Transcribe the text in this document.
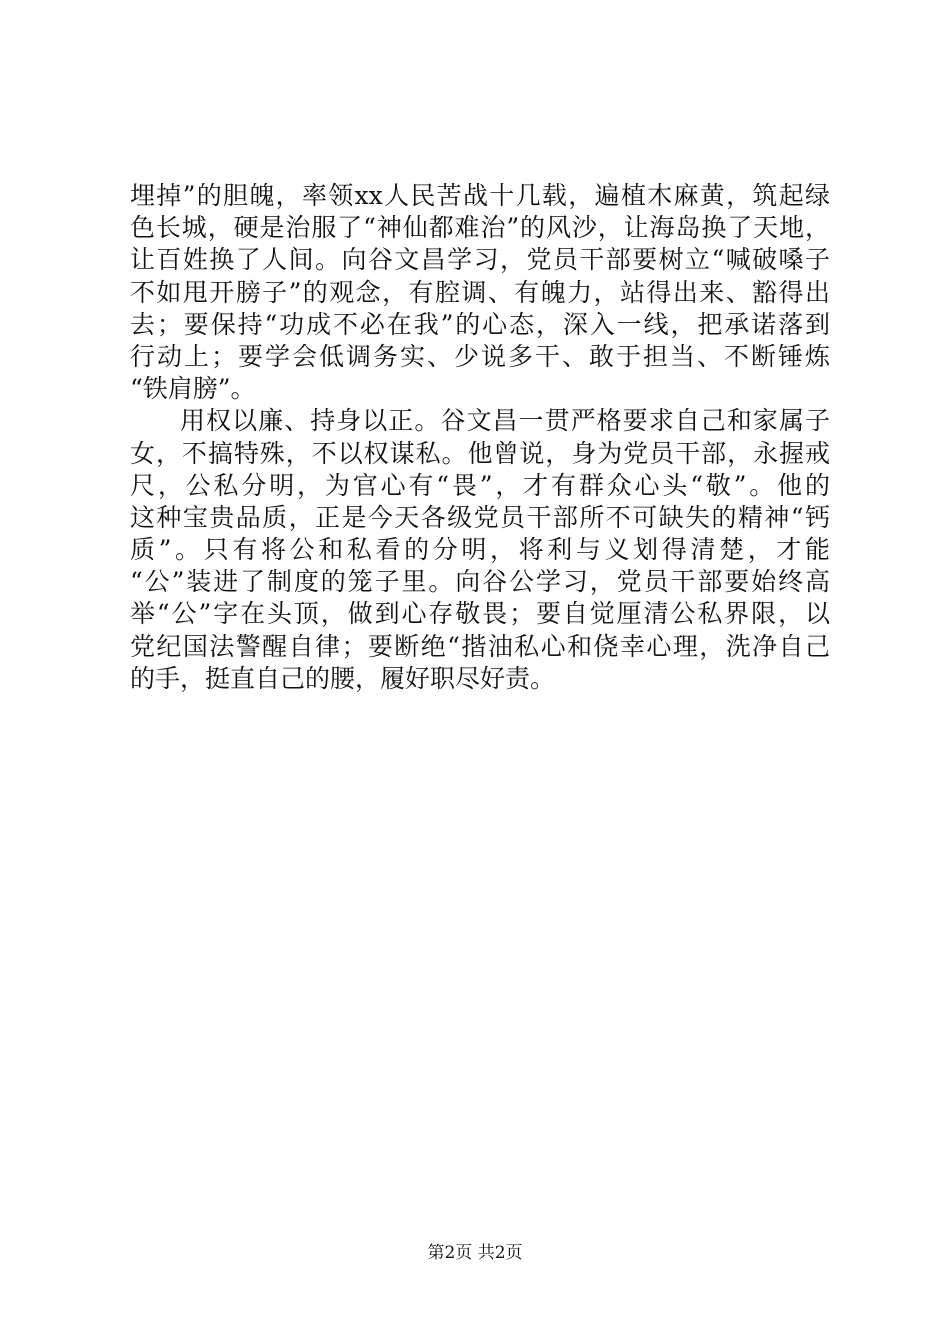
埋掉”的胆魄，率领xx人民苦战十几载，遍植木麻黄，筑起绿
色长城，硬是治服了“神仙都难治”的风沙，让海岛换了天地，
让百姓换了人间。向谷文昌学习，党员干部要树立“喊破嗓子
不如甩开膀子”的观念，有腔调、有魄力，站得出来、豁得出
去；要保持“功成不必在我”的心态，深入一线，把承诺落到
行动上；要学会低调务实、少说多干、敢于担当、不断锤炼
“铁肩膀”。
用权以廉、持身以正。谷文昌一贯严格要求自己和家属子
女，不搞特殊，不以权谋私。他曾说，身为党员干部，永握戒
尺，公私分明，为官心有“畏”，才有群众心头“敬”。他的
这种宝贵品质，正是今天各级党员干部所不可缺失的精神“钙
质”。只有将公和私看的分明，将利与义划得清楚，才能
“公”装进了制度的笼子里。向谷公学习，党员干部要始终高
举“公”字在头顶，做到心存敬畏；要自觉厘清公私界限，以
党纪国法警醒自律；要断绝“揩油私心和侥幸心理，洗净自己
的手，挺直自己的腰，履好职尽好责。
第2页 共2页
